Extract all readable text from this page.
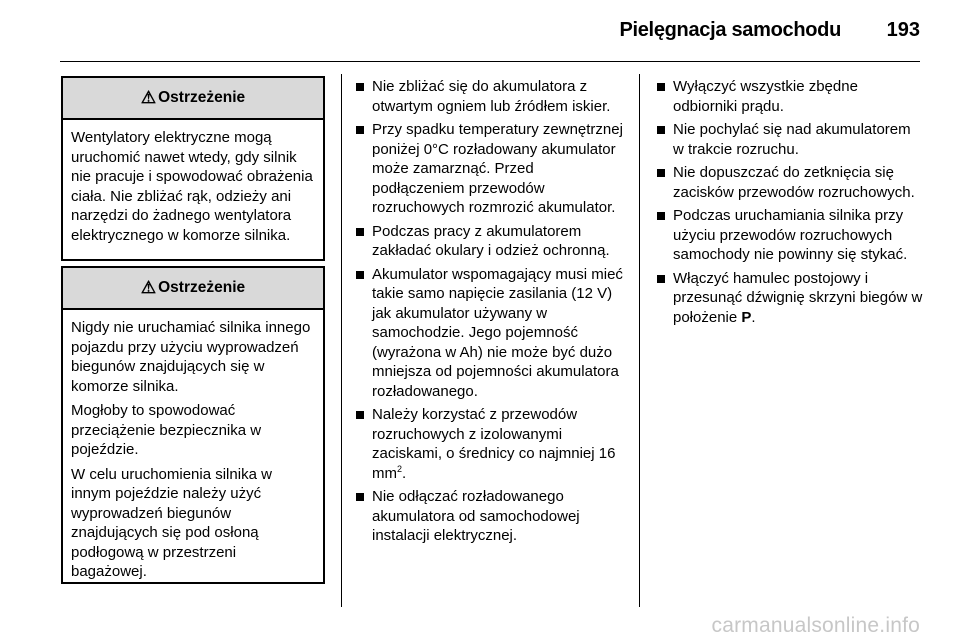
Pielęgnacja samochodu 193
⚠ Ostrzeżenie

Wentylatory elektryczne mogą uruchomić nawet wtedy, gdy silnik nie pracuje i spowodować obrażenia ciała. Nie zbliżać rąk, odzieży ani narzędzi do żadnego wentylatora elektrycznego w komorze silnika.

⚠ Ostrzeżenie

Nigdy nie uruchamiać silnika innego pojazdu przy użyciu wyprowadzeń biegunów znajdujących się w komorze silnika.

Mogłoby to spowodować przeciążenie bezpiecznika w pojeździe.

W celu uruchomienia silnika w innym pojeździe należy użyć wyprowadzeń biegunów znajdujących się pod osłoną podłogową w przestrzeni bagażowej.

Nie zbliżać się do akumulatora z otwartym ogniem lub źródłem iskier.
Przy spadku temperatury zewnętrznej poniżej 0°C rozładowany akumulator może zamarznąć. Przed podłączeniem przewodów rozruchowych rozmrozić akumulator.
Podczas pracy z akumulatorem zakładać okulary i odzież ochronną.
Akumulator wspomagający musi mieć takie samo napięcie zasilania (12 V) jak akumulator używany w samochodzie. Jego pojemność (wyrażona w Ah) nie może być dużo mniejsza od pojemności akumulatora rozładowanego.
Należy korzystać z przewodów rozruchowych z izolowanymi zaciskami, o średnicy co najmniej 16 $mm^2$.
Nie odłączać rozładowanego akumulatora od samochodowej instalacji elektrycznej.
Wyłączyć wszystkie zbędne odbiorniki prądu.
Nie pochylać się nad akumulatorem w trakcie rozruchu.
Nie dopuszczać do zetknięcia się zacisków przewodów rozruchowych.
Podczas uruchamiania silnika przy użyciu przewodów rozruchowych samochody nie powinny się stykać.
Włączyć hamulec postojowy i przesunąć dźwignię skrzyni biegów w położenie P.
carmanualsonline.info
